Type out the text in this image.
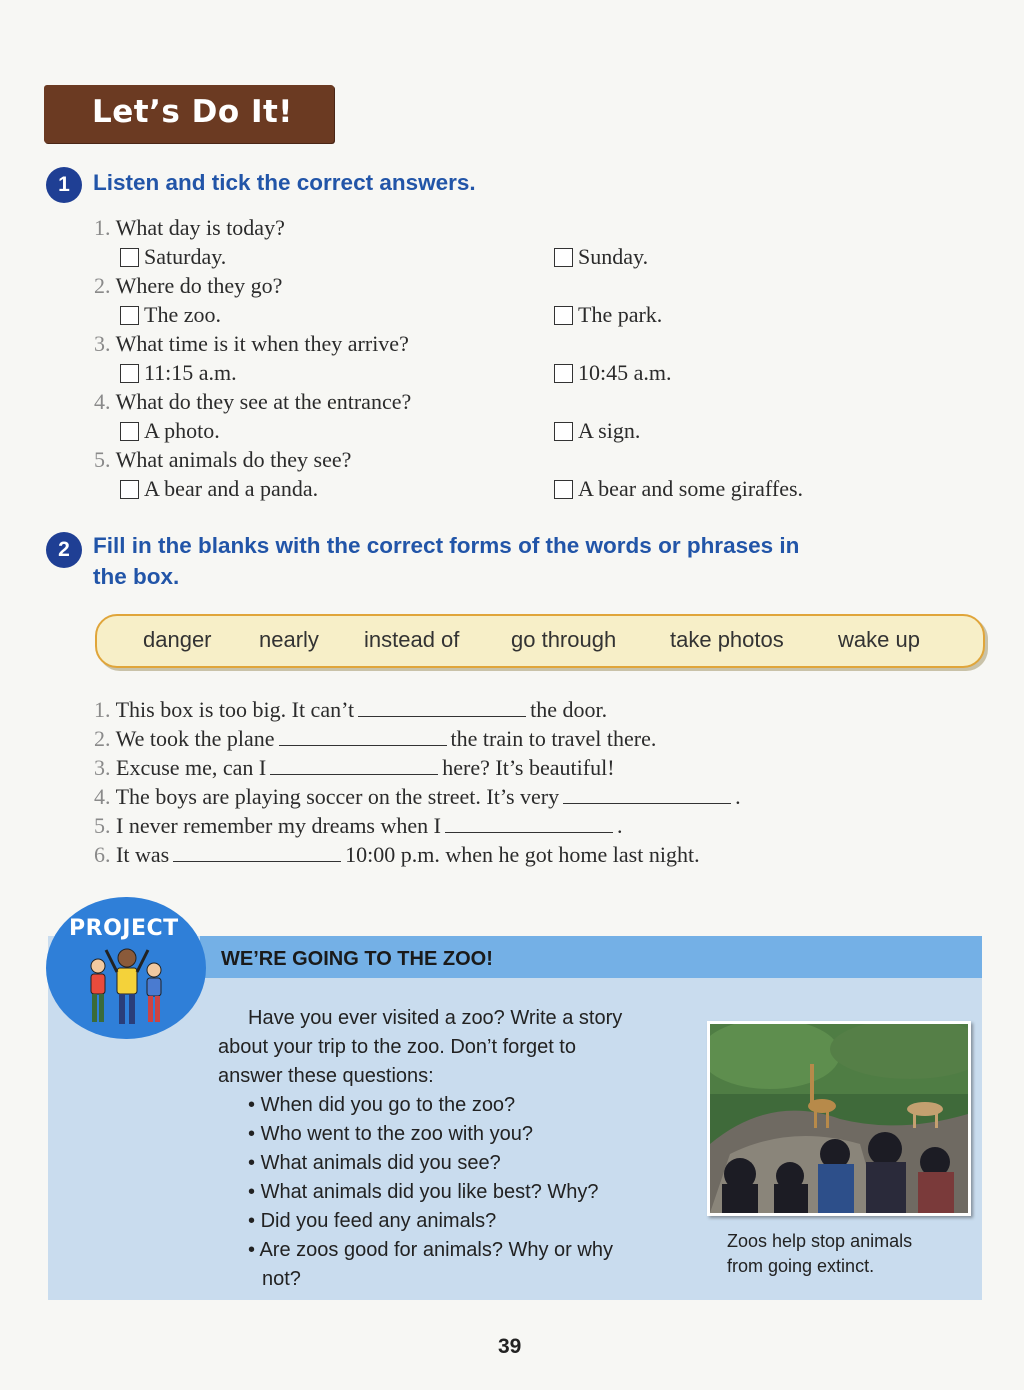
Let’s Do It!
1	Listen and tick the correct answers.
1. What day is today?
Saturday.	Sunday.
2. Where do they go?
The zoo.	The park.
3. What time is it when they arrive?
11:15 a.m.	10:45 a.m.
4. What do they see at the entrance?
A photo.	A sign.
5. What animals do they see?
A bear and a panda.	A bear and some giraffes.
2	Fill in the blanks with the correct forms of the words or phrases in
the box.
danger nearly instead of go through take photos wake up
1. This box is too big. It can’t	the door.
2. We took the plane	the train to travel there.
3. Excuse me, can I	here? It’s beautiful!
4. The boys are playing soccer on the street. It’s very	.
5. I never remember my dreams when I	.
6. It was	10:00 p.m. when he got home last night.
WE’RE GOING TO THE ZOO!
PROJECT
Have you ever visited a zoo? Write a story
about your trip to the zoo. Don’t forget to
answer these questions:
• When did you go to the zoo?
• Who went to the zoo with you?
• What animals did you see?
• What animals did you like best? Why?
• Did you feed any animals?
• Are zoos good for animals? Why or why
not?
Zoos help stop animals
from going extinct.
39
